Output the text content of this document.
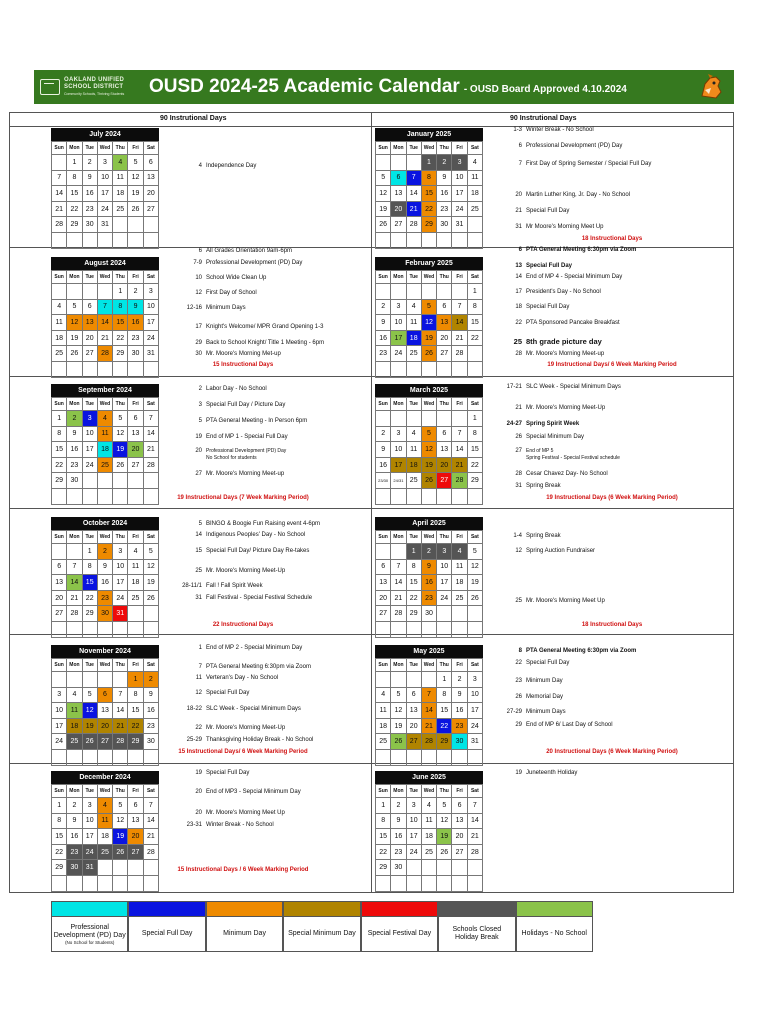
OAKLAND UNIFIED
SCHOOL DISTRICT
Community Schools, Thriving Students OUSD 2024-25 Academic Calendar - OUSD Board Approved 4.10.2024
90 Instrutional Days	90 Instrutional Days
July 2024
Sun	Mon	Tue	Wed	Thu	Fri	Sat
	1	2	3	4	5	6
7	8	9	10	11	12	13
14	15	16	17	18	19	20
21	22	23	24	25	26	27
28	29	30	31			

4 Independence Day
August 2024
Sun	Mon	Tue	Wed	Thu	Fri	Sat
				1	2	3
4	5	6	7	8	9	10
11	12	13	14	15	16	17
18	19	20	21	22	23	24
25	26	27	28	29	30	31

6 All Grades Orientation 9am-6pm
7-9 Professional Development (PD) Day
10 School Wide Clean Up
12 First Day of School
12-16 Minimum Days
17 Knight's Welcome/ MPR Grand Opening 1-3
29 Back to School Knight/ Title 1 Meeting - 6pm
30 Mr. Moore's Morning Met-up
15 Instructional Days
September 2024
Sun	Mon	Tue	Wed	Thu	Fri	Sat
1	2	3	4	5	6	7
8	9	10	11	12	13	14
15	16	17	18	19	20	21
22	23	24	25	26	27	28
29	30					

2 Labor Day - No School
3 Special Full Day / Picture Day
5 PTA General Meeting - In Person 6pm
19 End of MP 1 - Special Full Day
20 Professional Development (PD) Day
No School for students
27 Mr. Moore's Morning Meet-up
19 Instructional Days (7 Week Marking Period)
October 2024
Sun	Mon	Tue	Wed	Thu	Fri	Sat
		1	2	3	4	5
6	7	8	9	10	11	12
13	14	15	16	17	18	19
20	21	22	23	24	25	26
27	28	29	30	31		

5 BINGO & Boogie Fun Raising event 4-6pm
14 Indigenous Peoples' Day - No School
15 Special Full Day/ Picture Day Re-takes
25 Mr. Moore's Morning Meet-Up
28-11/1 Fall ! Fall Spirit Week
31 Fall Festival - Special Festival Schedule
22 Instructional Days
November 2024
Sun	Mon	Tue	Wed	Thu	Fri	Sat
					1	2
3	4	5	6	7	8	9
10	11	12	13	14	15	16
17	18	19	20	21	22	23
24	25	26	27	28	29	30

1 End of MP 2 - Special Minimum Day
7 PTA General Meeting 6:30pm via Zoom
11 Verteran's Day - No School
12 Special Full Day
18-22 SLC Week - Special Minimum Days
22 Mr. Moore's Morning Meet-Up
25-29 Thanksgiving Holiday Break - No School
15 Instructional Days/ 6 Week Marking Period
December 2024
Sun	Mon	Tue	Wed	Thu	Fri	Sat
1	2	3	4	5	6	7
8	9	10	11	12	13	14
15	16	17	18	19	20	21
22	23	24	25	26	27	28
29	30	31				

19 Special Full Day
20 End of MP3 - Sepcial Minimum Day
20 Mr. Moore's Morning Meet Up
23-31 Winter Break - No School
15 Instructional Days / 6 Week Marking Period
January 2025
Sun	Mon	Tue	Wed	Thu	Fri	Sat
			1	2	3	4
5	6	7	8	9	10	11
12	13	14	15	16	17	18
19	20	21	22	23	24	25
26	27	28	29	30	31	

1-3 Winter Break - No School
6 Professional Development (PD) Day
7 First Day of Spring Semester / Special Full Day
20 Martin Luther King, Jr. Day - No School
21 Special Full Day
31 Mr Moore's Morning Meet Up
18 Instructional Days
February 2025
Sun	Mon	Tue	Wed	Thu	Fri	Sat
						1
2	3	4	5	6	7	8
9	10	11	12	13	14	15
16	17	18	19	20	21	22
23	24	25	26	27	28	

6 PTA General Meeting 6:30pm via Zoom
13 Special Full Day
14 End of MP 4 - Special Minimum Day
17 President's Day - No School
18 Special Full Day
22 PTA Sponsored Pancake Breakfast
25 8th grade picture day
28 Mr. Moore's Morning Meet-up
19 Instructional Days/ 6 Week Marking Period
March 2025
Sun	Mon	Tue	Wed	Thu	Fri	Sat
						1
2	3	4	5	6	7	8
9	10	11	12	13	14	15
16	17	18	19	20	21	22
23/30	24/31	25	26	27	28	29

17-21 SLC Week - Special Minimum Days
21 Mr. Moore's Morning Meet-Up
24-27 Spring Spirit Week
26 Special Minimum Day
27 End of MP 5
Spring Festival - Special Festival schedule
28 Cesar Chavez Day- No School
31 Spring Break
19 Instructional Days (6 Week Marking Period)
April 2025
Sun	Mon	Tue	Wed	Thu	Fri	Sat
		1	2	3	4	5
6	7	8	9	10	11	12
13	14	15	16	17	18	19
20	21	22	23	24	25	26
27	28	29	30			

1-4 Spring Break
12 Spring Auction Fundraiser
25 Mr. Moore's Morning Meet Up
18 Instructional Days
May 2025
Sun	Mon	Tue	Wed	Thu	Fri	Sat
				1	2	3
4	5	6	7	8	9	10
11	12	13	14	15	16	17
18	19	20	21	22	23	24
25	26	27	28	29	30	31

8 PTA General Meeting 6:30pm via Zoom
22 Special Full Day
23 Minimum Day
26 Memorial Day
27-29 Minimum Days
29 End of MP 6/ Last Day of School
20 Instructional Days (6 Week Marking Period)
June 2025
Sun	Mon	Tue	Wed	Thu	Fri	Sat
1	2	3	4	5	6	7
8	9	10	11	12	13	14
15	16	17	18	19	20	21
22	23	24	25	26	27	28
29	30					

19 Juneteenth Holiday
Professional Development (PD) Day
(No School for Students)
Special Full Day	Minimum Day	Special Minimum Day Special Festival Day
Schools Closed Holiday Break
Holidays - No School
